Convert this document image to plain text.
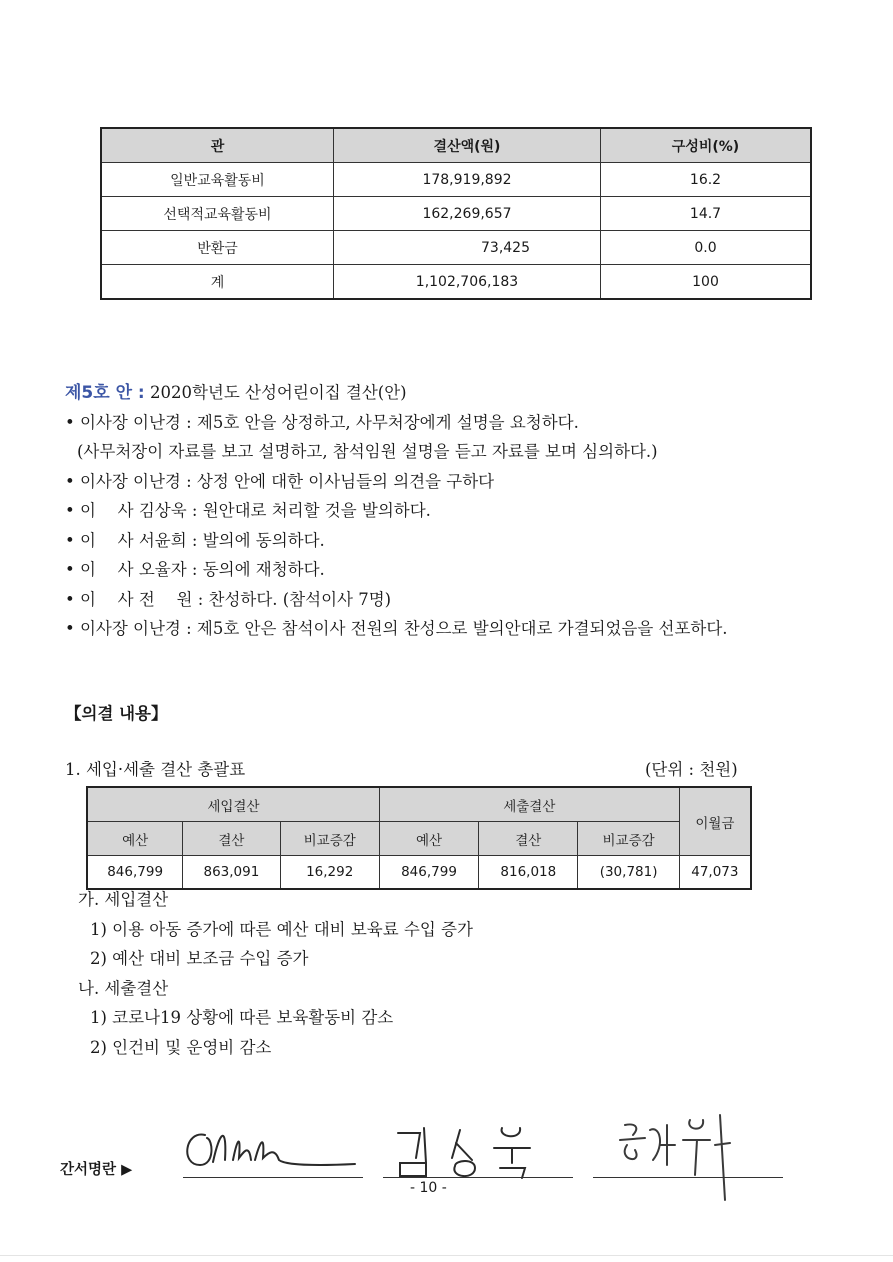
관	결산액(원)	구성비(%)
일반교육활동비	178,919,892	16.2
선택적교육활동비	162,269,657	14.7
반환금	73,425	0.0
계	1,102,706,183	100
제5호 안 : 2020학년도 산성어린이집 결산(안)
• 이사장 이난경 : 제5호 안을 상정하고, 사무처장에게 설명을 요청하다.
(사무처장이 자료를 보고 설명하고, 참석임원 설명을 듣고 자료를 보며 심의하다.)
• 이사장 이난경 : 상정 안에 대한 이사님들의 의견을 구하다
• 이　 사 김상욱 : 원안대로 처리할 것을 발의하다.
• 이　 사 서윤희 : 발의에 동의하다.
• 이　 사 오율자 : 동의에 재청하다.
• 이　 사 전　 원 : 찬성하다. (참석이사 7명)
• 이사장 이난경 : 제5호 안은 참석이사 전원의 찬성으로 발의안대로 가결되었음을 선포하다.
【의결 내용】
1. 세입·세출 결산 총괄표	(단위 : 천원)
세입결산			세출결산			이월금
예산	결산	비교증감	예산	결산	비교증감	
846,799	863,091	16,292	846,799	816,018	(30,781)	47,073
가. 세입결산
1) 이용 아동 증가에 따른 예산 대비 보육료 수입 증가
2) 예산 대비 보조금 수입 증가
나. 세출결산
1) 코로나19 상황에 따른 보육활동비 감소
2) 인건비 및 운영비 감소
간서명란 ▶
- 10 -
